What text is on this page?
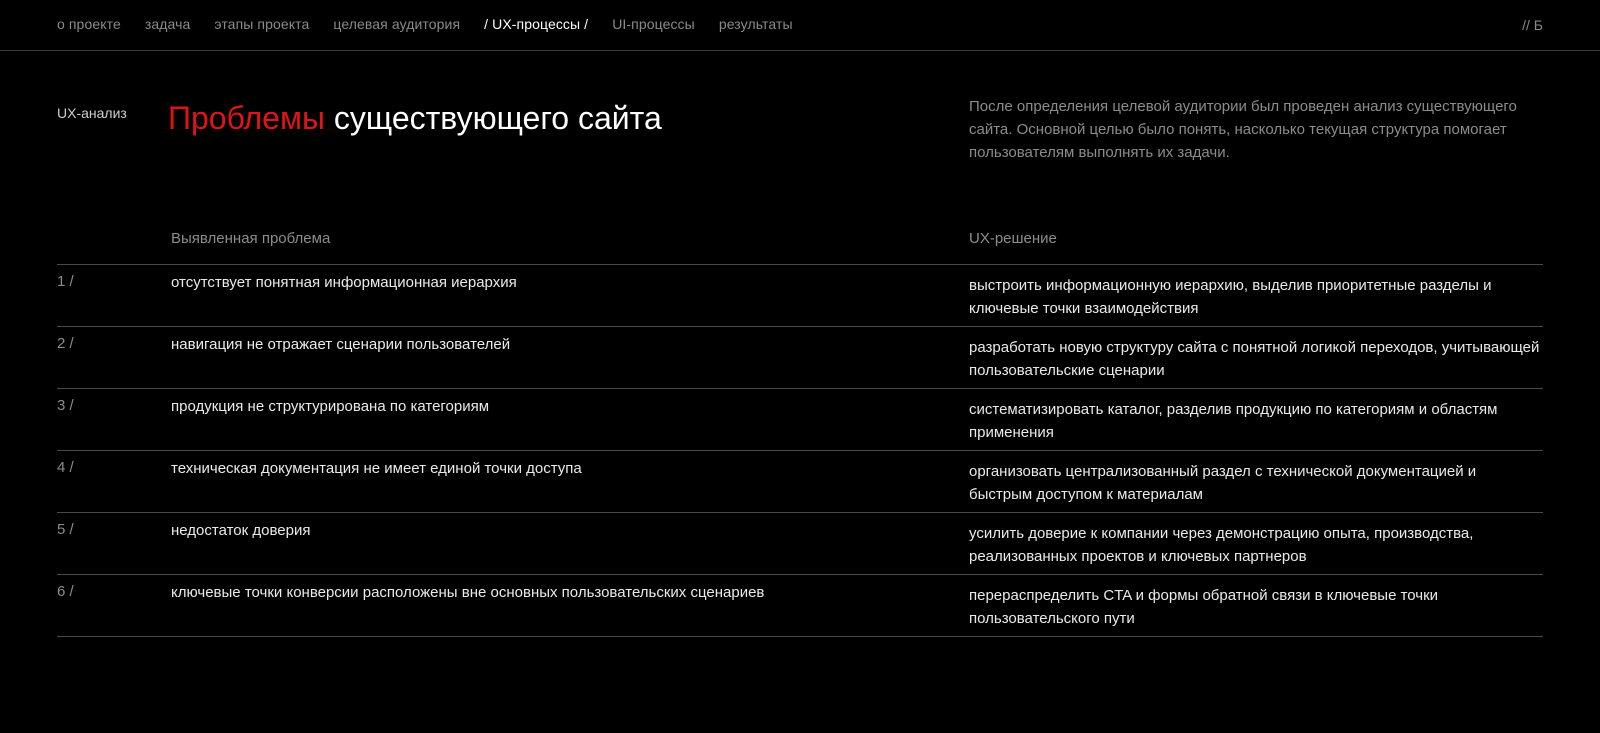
о проекте задача этапы проекта целевая аудитория / UX-процессы / UI-процессы результаты	// Б
UX-анализ Проблемы существующего сайта	После определения целевой аудитории был проведен анализ существующего сайта. Основной целью было понять, насколько текущая структура помогает пользователям выполнять их задачи.
Выявленная проблема	UX-решение
1 /	отсутствует понятная информационная иерархия	выстроить информационную иерархию, выделив приоритетные разделы и ключевые точки взаимодействия
2 /	навигация не отражает сценарии пользователей	разработать новую структуру сайта с понятной логикой переходов, учитывающей пользовательские сценарии
3 /	продукция не структурирована по категориям	систематизировать каталог, разделив продукцию по категориям и областям применения
4 /	техническая документация не имеет единой точки доступа	организовать централизованный раздел с технической документацией и быстрым доступом к материалам
5 /	недостаток доверия	усилить доверие к компании через демонстрацию опыта, производства, реализованных проектов и ключевых партнеров
6 /	ключевые точки конверсии расположены вне основных пользовательских сценариев	перераспределить CTA и формы обратной связи в ключевые точки пользовательского пути
